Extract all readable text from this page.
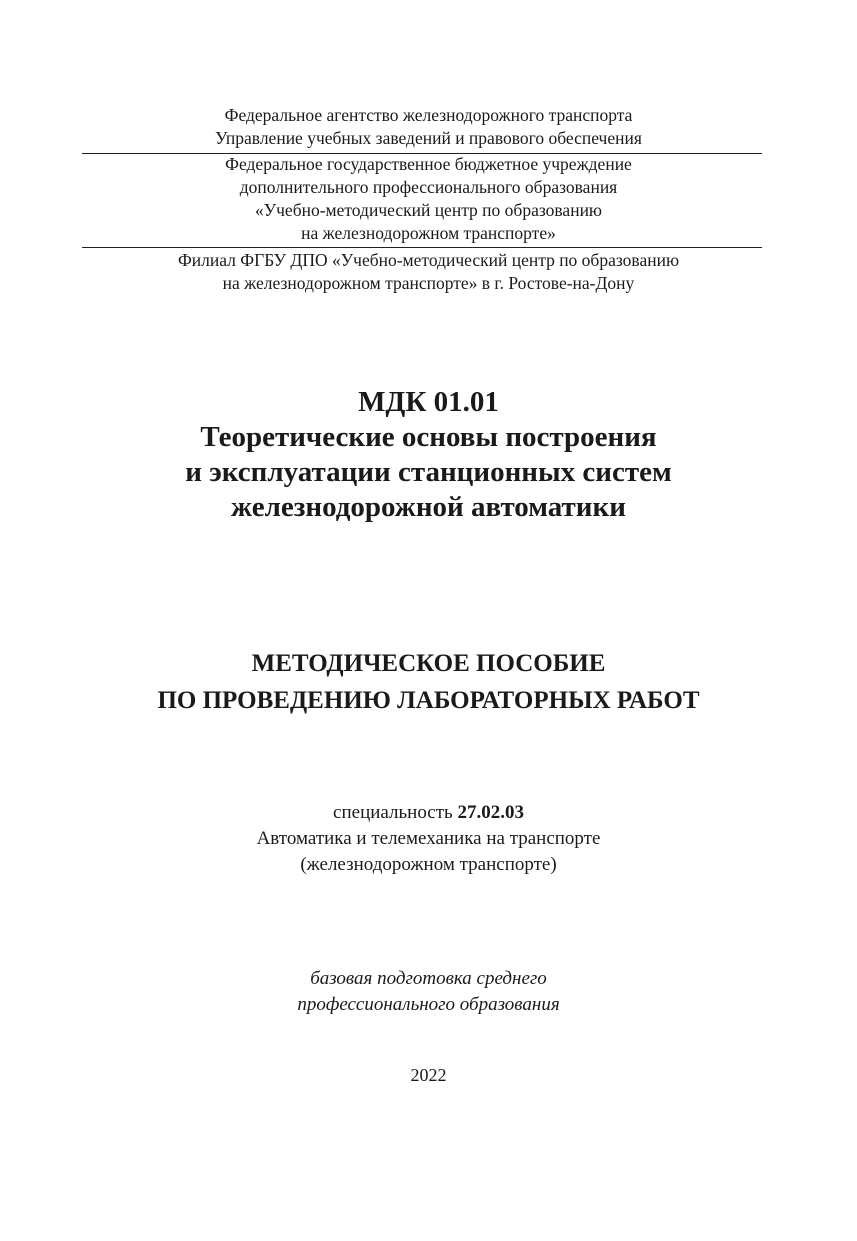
Федеральное агентство железнодорожного транспорта
Управление учебных заведений и правового обеспечения
Федеральное государственное бюджетное учреждение
дополнительного профессионального образования
«Учебно-методический центр по образованию
на железнодорожном транспорте»
Филиал ФГБУ ДПО «Учебно-методический центр по образованию
на железнодорожном транспорте» в г. Ростове-на-Дону
МДК 01.01
Теоретические основы построения
и эксплуатации станционных систем
железнодорожной автоматики
МЕТОДИЧЕСКОЕ ПОСОБИЕ
ПО ПРОВЕДЕНИЮ ЛАБОРАТОРНЫХ РАБОТ
специальность 27.02.03
Автоматика и телемеханика на транспорте
(железнодорожном транспорте)
базовая подготовка среднего
профессионального образования
2022
